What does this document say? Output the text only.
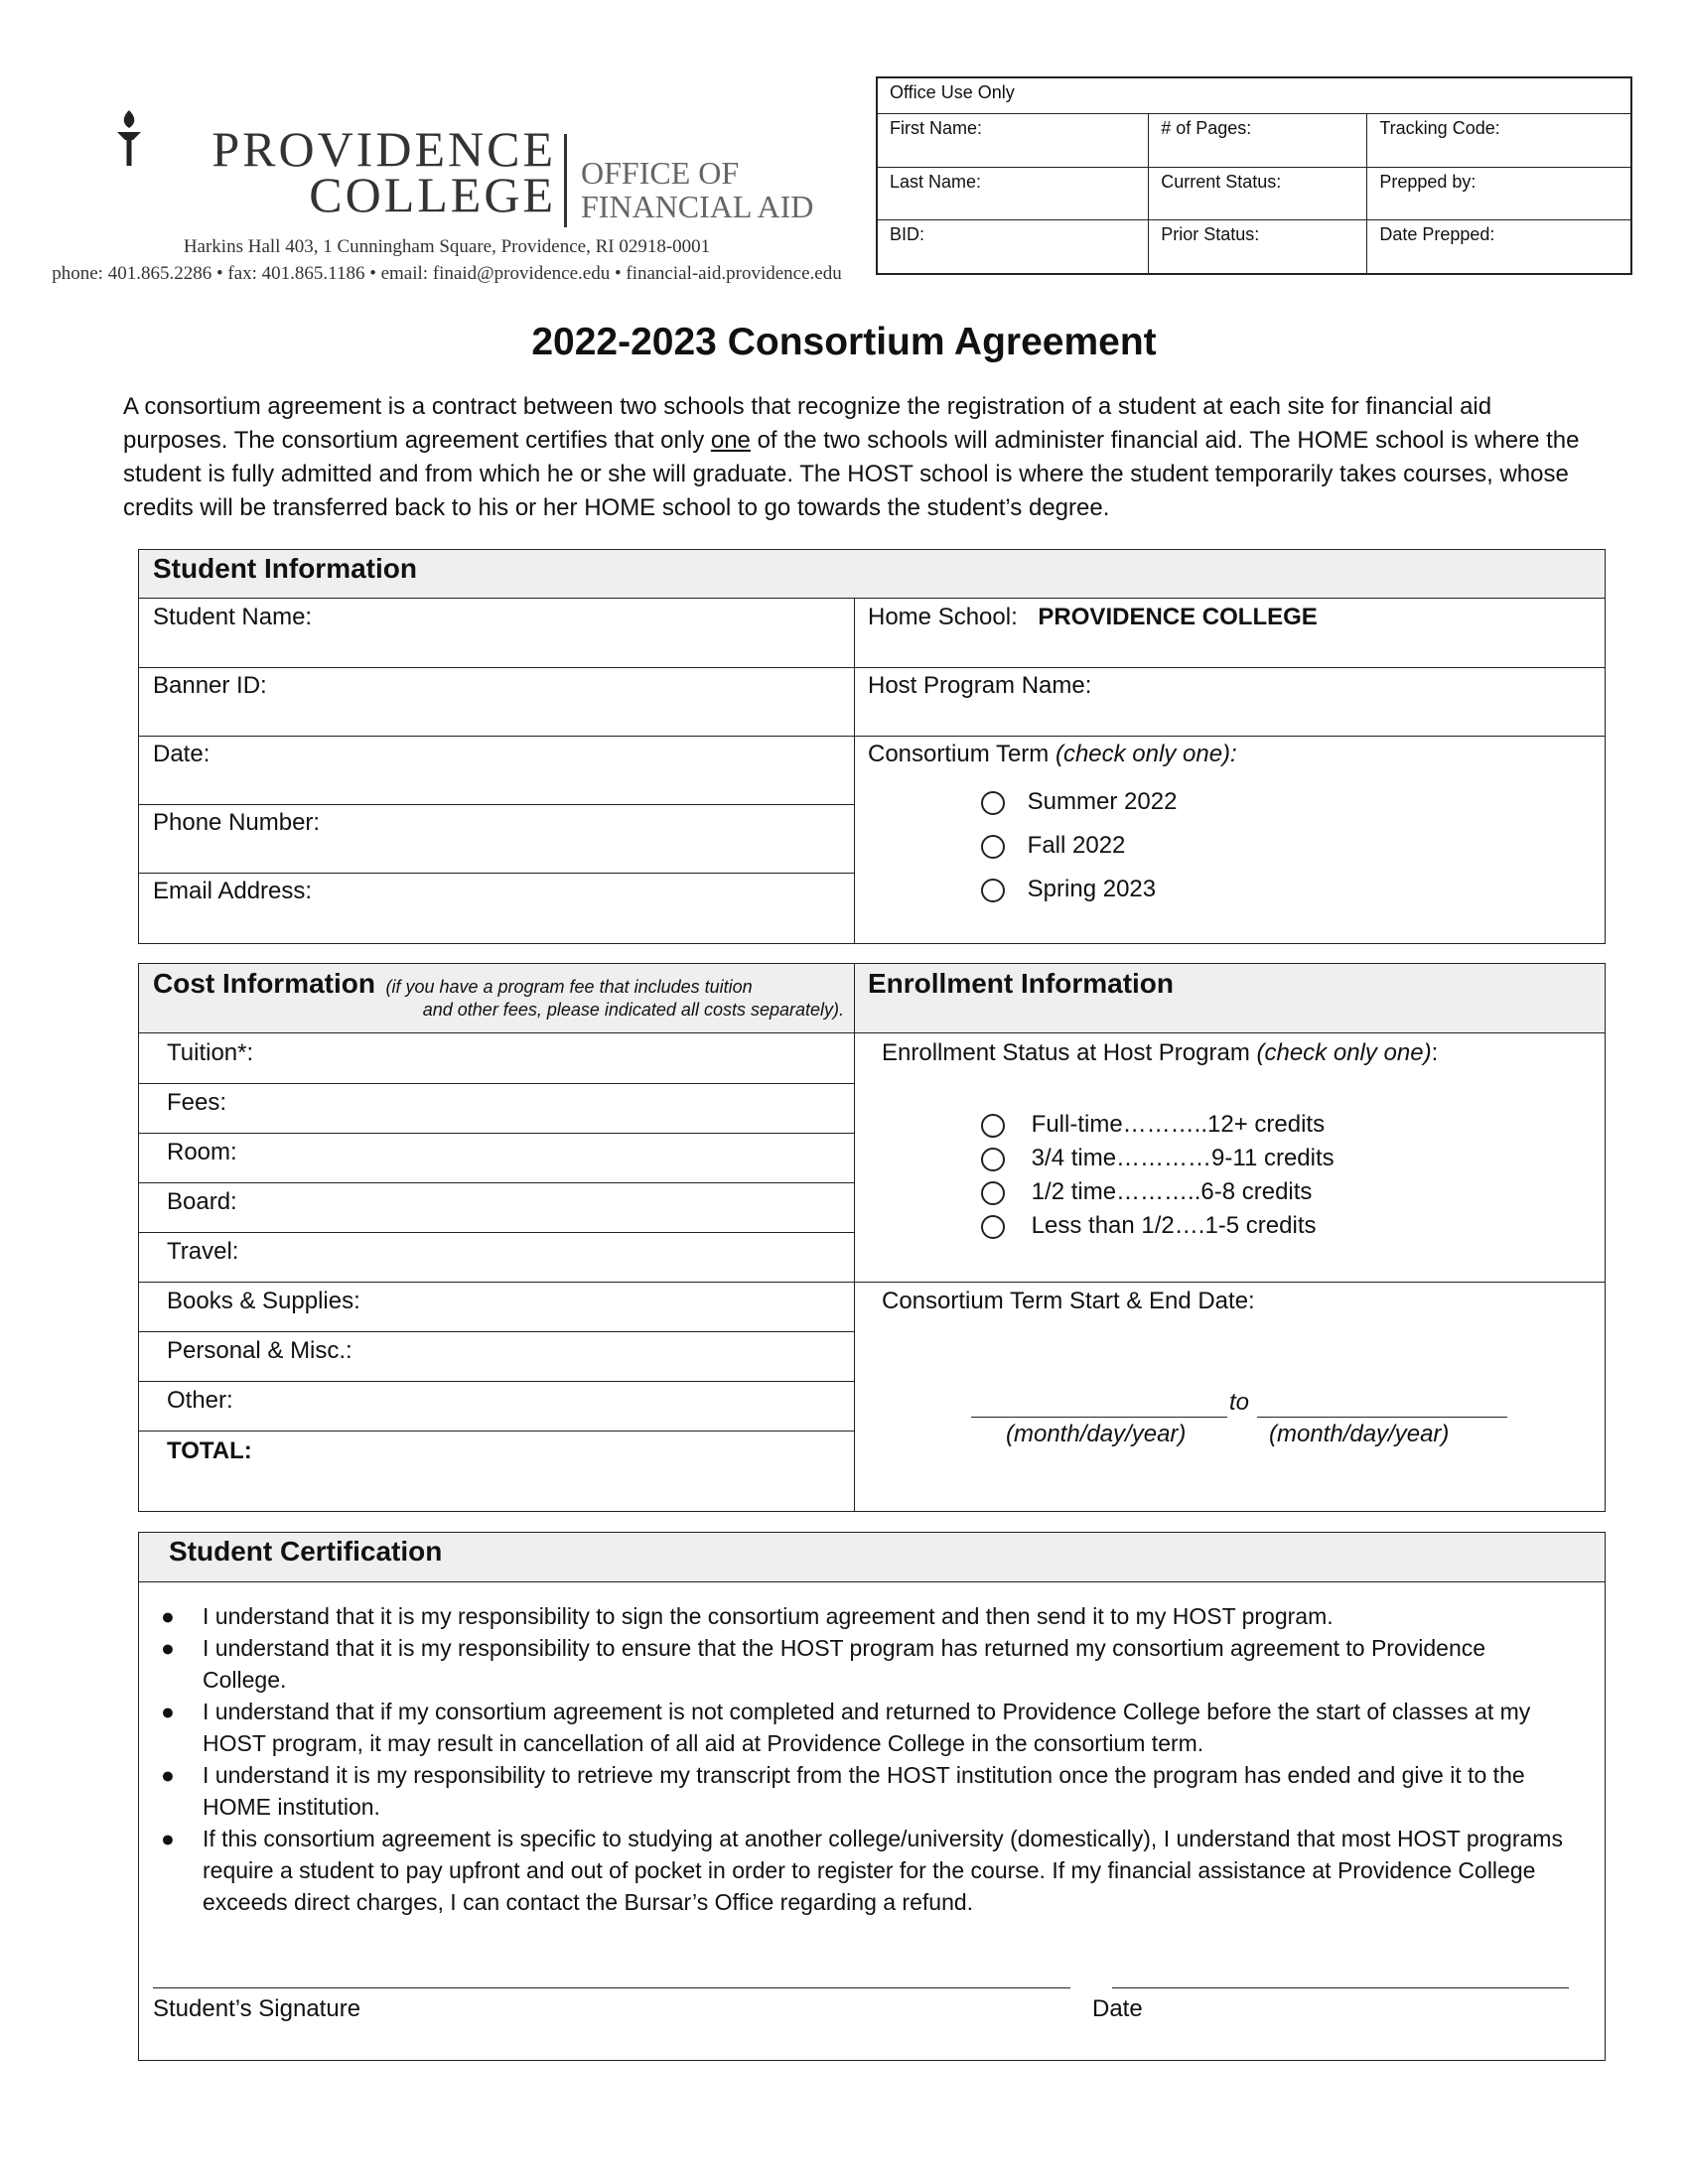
PROVIDENCE
COLLEGE OFFICE OF
FINANCIAL AID
Harkins Hall 403, 1 Cunningham Square, Providence, RI 02918-0001
phone: 401.865.2286 • fax: 401.865.1186 • email: finaid@providence.edu • financial-aid.providence.edu
Office Use Only		
First Name:	# of Pages:	Tracking Code:
Last Name:	Current Status:	Prepped by:
BID:	Prior Status:	Date Prepped:
2022-2023 Consortium Agreement
A consortium agreement is a contract between two schools that recognize the registration of a student at each site for financial aid purposes. The consortium agreement certifies that only one of the two schools will administer financial aid. The HOME school is where the student is fully admitted and from which he or she will graduate. The HOST school is where the student temporarily takes courses, whose credits will be transferred back to his or her HOME school to go towards the student’s degree.
Student Information
Student Name:
Banner ID:
Date:
Phone Number:
Email Address:
Home School: PROVIDENCE COLLEGE
Host Program Name:
Consortium Term (check only one):
Summer 2022
Fall 2022
Spring 2023
Cost Information (if you have a program fee that includes tuition
and other fees, please indicated all costs separately).
Enrollment Information
Tuition*:
Fees:
Room:
Board:
Travel:
Books & Supplies:
Personal & Misc.:
Other:
TOTAL:
Enrollment Status at Host Program (check only one):
Full-time………..12+ credits
3/4 time…………9-11 credits
1/2 time………..6-8 credits
Less than 1/2….1-5 credits
Consortium Term Start & End Date:
to
(month/day/year)	(month/day/year)
Student Certification
● I understand that it is my responsibility to sign the consortium agreement and then send it to my HOST program.
● I understand that it is my responsibility to ensure that the HOST program has returned my consortium agreement to Providence College.
● I understand that if my consortium agreement is not completed and returned to Providence College before the start of classes at my HOST program, it may result in cancellation of all aid at Providence College in the consortium term.
● I understand it is my responsibility to retrieve my transcript from the HOST institution once the program has ended and give it to the HOME institution.
● If this consortium agreement is specific to studying at another college/university (domestically), I understand that most HOST programs require a student to pay upfront and out of pocket in order to register for the course. If my financial assistance at Providence College exceeds direct charges, I can contact the Bursar’s Office regarding a refund.
Student’s Signature	Date
